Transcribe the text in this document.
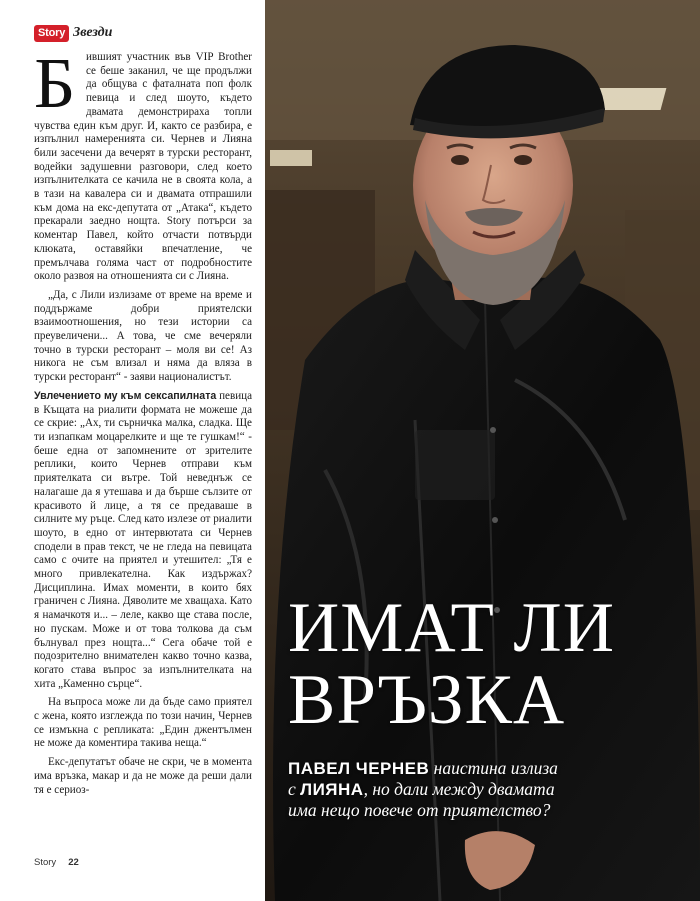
Story Звезди

Бившият участник във VIP Brother се беше заканил, че ще продължи да общува с фаталната поп фолк певица и след шоуто, където двамата демонстрираха топли чувства един към друг. И, както се разбира, е изпълнил намеренията си. Чернев и Лияна били засечени да вечерят в турски ресторант, водейки задушевни разговори, след което изпълнителката се качила не в своята кола, а в тази на кавалера си и двамата отпрашили към дома на екс-депутата от „Атака“, където прекарали заедно нощта. Story потърси за коментар Павел, който отчасти потвърди клюката, оставяйки впечатление, че премълчава голяма част от подробностите около развоя на отношенията си с Лияна.

„Да, с Лили излизаме от време на време и поддържаме добри приятелски взаимоотношения, но тези истории са преувеличени... А това, че сме вечеряли точно в турски ресторант – моля ви се! Аз никога не съм влизал и няма да вляза в турски ресторант“ - заяви националистът.

Увлечението му към сексапилната певица в Къщата на риалити формата не можеше да се скрие: „Ах, ти сърничка малка, сладка. Ще ти изпапкам моцарелките и ще те гушкам!“ - беше една от запомнените от зрителите реплики, които Чернев отправи към приятелката си вътре. Той неведнъж се налагаше да я утешава и да бърше сълзите от красивото й лице, а тя се предаваше в силните му ръце. След като излезе от риалити шоуто, в едно от интервютата си Чернев сподели в прав текст, че не гледа на певицата само с очите на приятел и утешител: „Тя е много привлекателна. Как издържах? Дисциплина. Имах моменти, в които бях граничен с Лияна. Дяволите ме хващаха. Като я намачкотя и... – леле, какво ще става после, но пускам. Може и от това толкова да съм бълнувал през нощта...“ Сега обаче той е подозрително внимателен какво точно казва, когато става въпрос за изпълнителката на хита „Каменно сърце“.

На въпроса може ли да бъде само приятел с жена, която изглежда по този начин, Чернев се измъкна с репликата: „Един джентълмен не може да коментира такива неща.“

Екс-депутатът обаче не скри, че в момента има връзка, макар и да не може да реши дали тя е сериоз-

Story 22
ИМАТ ЛИ
ВРЪЗКА
ПАВЕЛ ЧЕРНЕВ наистина излиза с ЛИЯНА, но дали между двамата има нещо повече от приятелство?
